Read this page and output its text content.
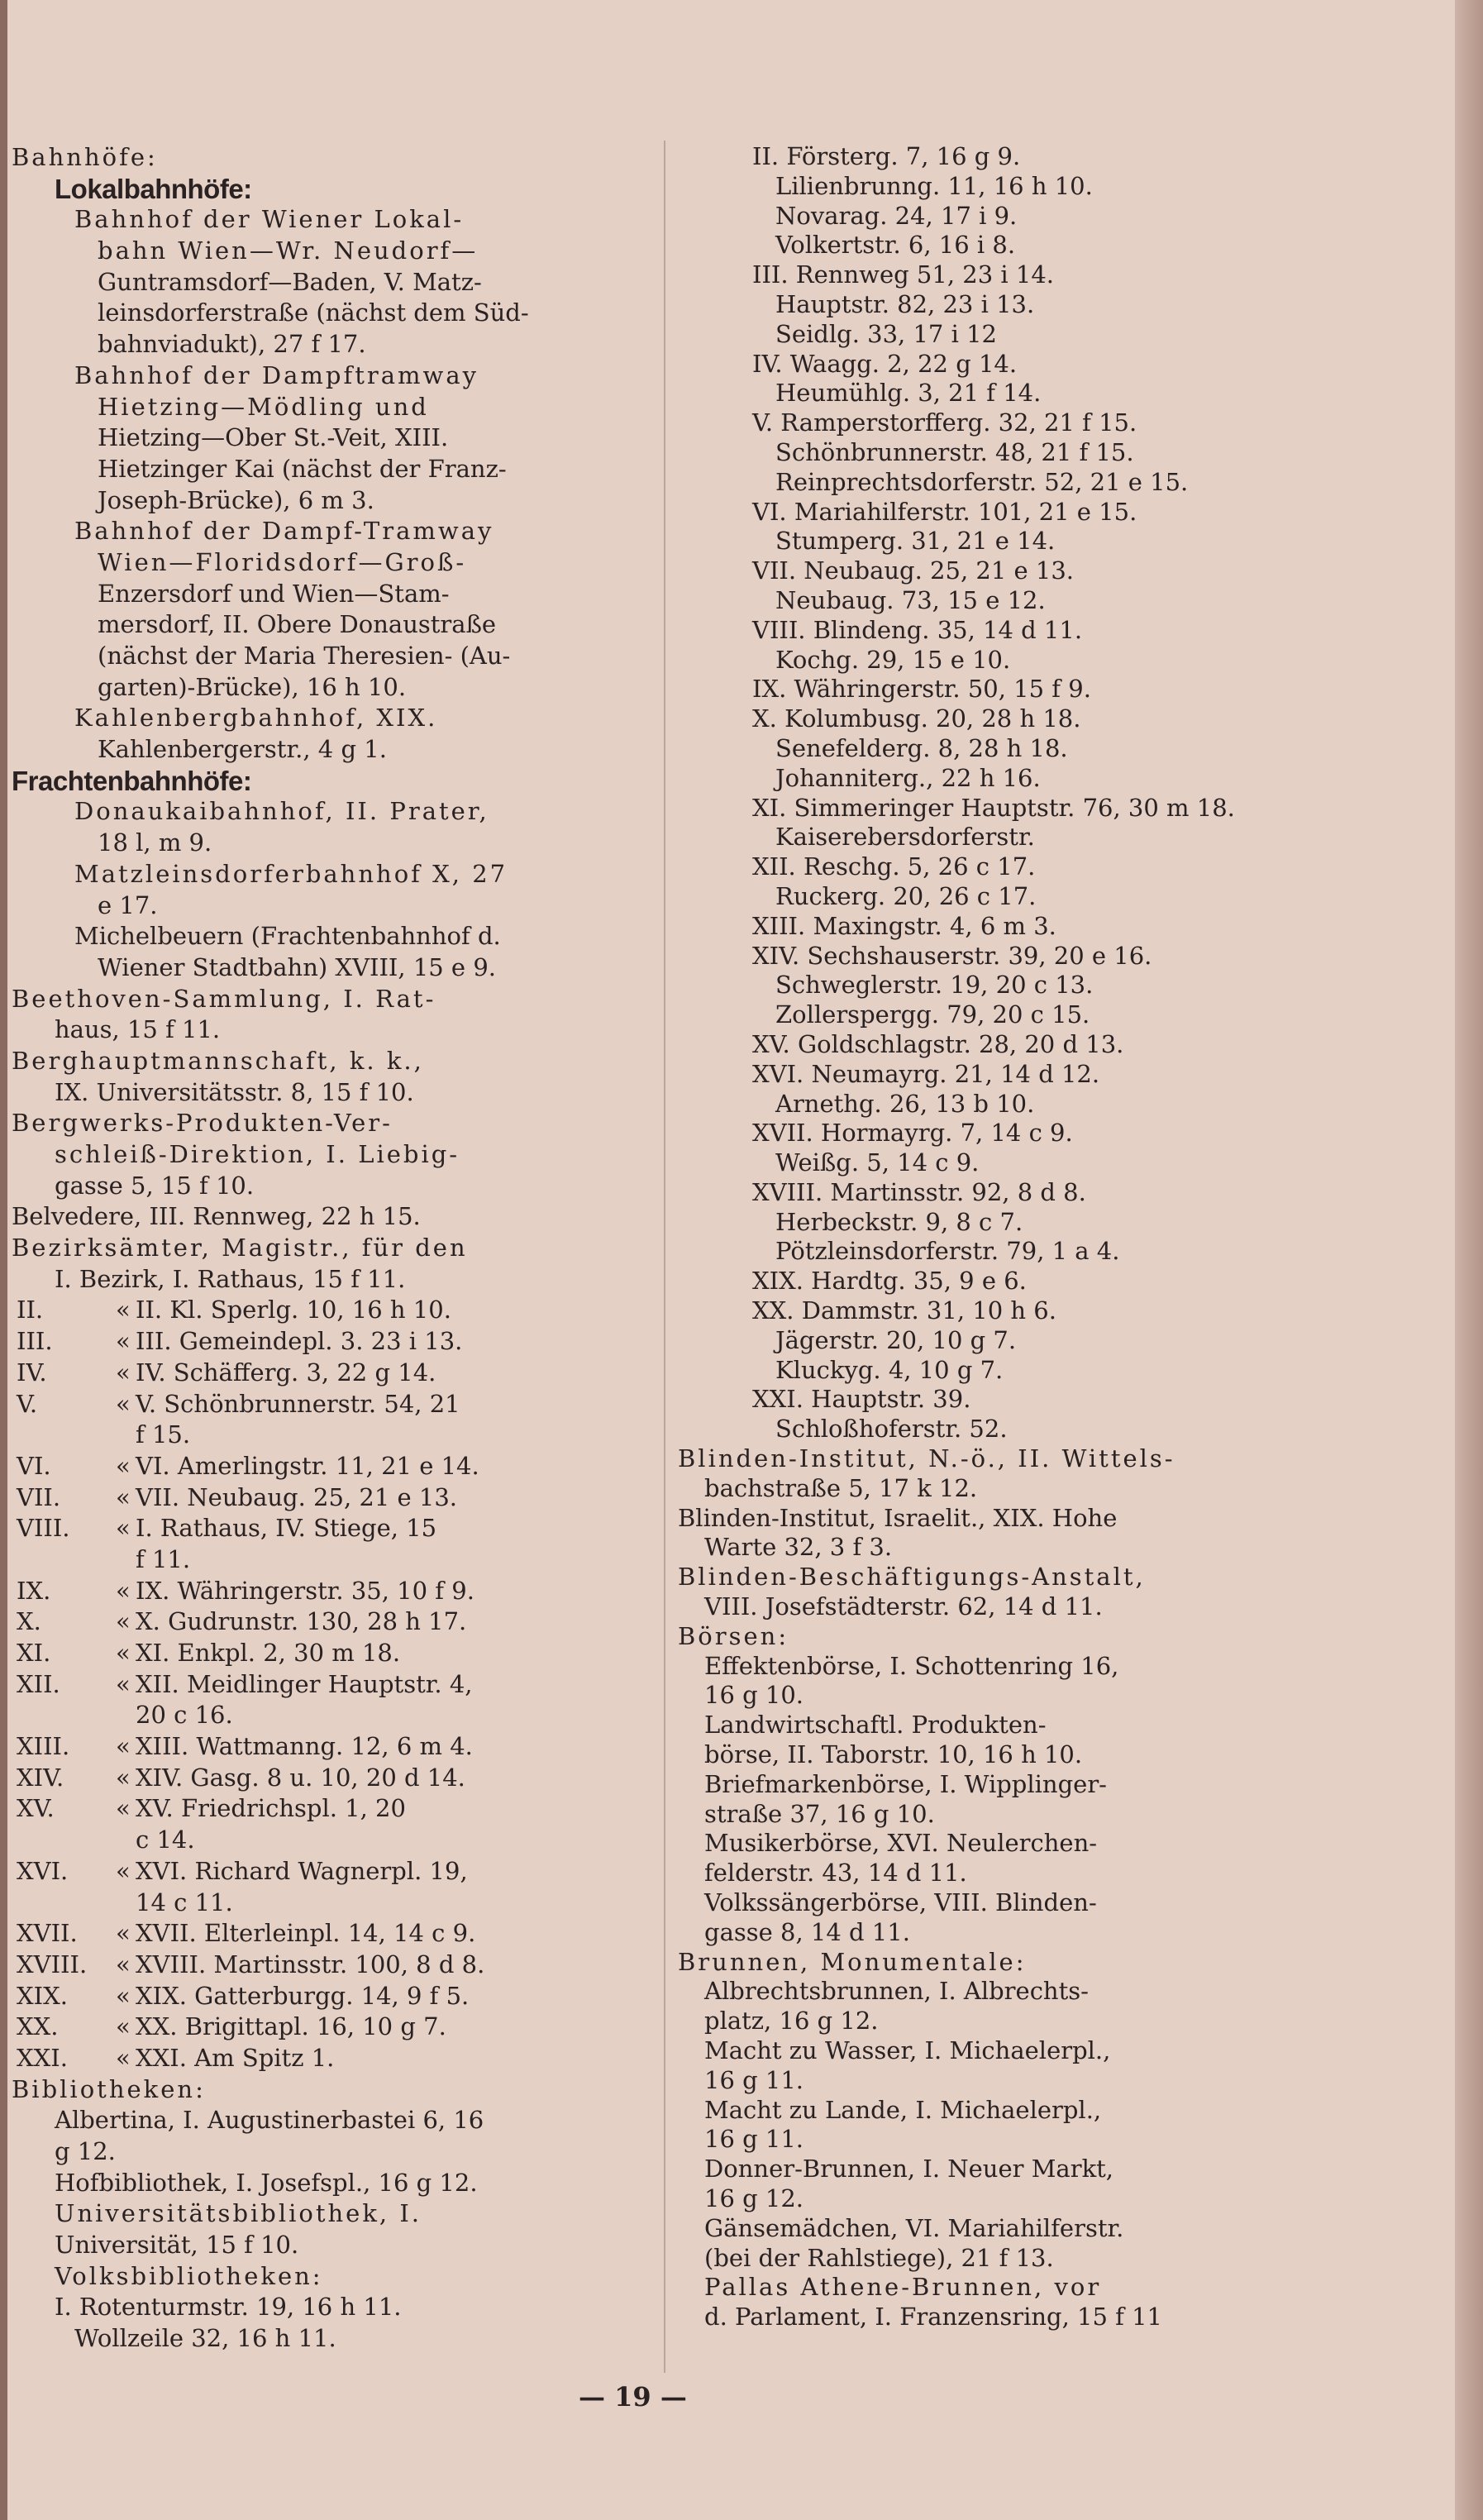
Bahnhöfe:
Lokalbahnhöfe:
Bahnhof der Wiener Lokal-
bahn Wien—Wr. Neudorf—
Guntramsdorf—Baden, V. Matz-
leinsdorferstraße (nächst dem Süd-
bahnviadukt), 27 f 17.
Bahnhof der Dampftramway
Hietzing—Mödling und
Hietzing—Ober St.-Veit, XIII.
Hietzinger Kai (nächst der Franz-
Joseph-Brücke), 6 m 3.
Bahnhof der Dampf-Tramway
Wien—Floridsdorf—Groß-
Enzersdorf und Wien—Stam-
mersdorf, II. Obere Donaustraße
(nächst der Maria Theresien- (Au-
garten)-Brücke), 16 h 10.
Kahlenbergbahnhof, XIX.
Kahlenbergerstr., 4 g 1.
Frachtenbahnhöfe:
Donaukaibahnhof, II. Prater,
18 l, m 9.
Matzleinsdorferbahnhof X, 27
e 17.
Michelbeuern (Frachtenbahnhof d.
Wiener Stadtbahn) XVIII, 15 e 9.
Beethoven-Sammlung, I. Rat-
haus, 15 f 11.
Berghauptmannschaft, k. k.,
IX. Universitätsstr. 8, 15 f 10.
Bergwerks-Produkten-Ver-
schleiß-Direktion, I. Liebig-
gasse 5, 15 f 10.
Belvedere, III. Rennweg, 22 h 15.
Bezirksämter, Magistr., für den
I. Bezirk, I. Rathaus, 15 f 11.
II.	« II. Kl. Sperlg. 10, 16 h 10.
III.	« III. Gemeindepl. 3. 23 i 13.
IV.	« IV. Schäfferg. 3, 22 g 14.
V.	« V. Schönbrunnerstr. 54, 21
f 15.
VI.	« VI. Amerlingstr. 11, 21 e 14.
VII. « VII. Neubaug. 25, 21 e 13.
VIII. « I. Rathaus, IV. Stiege, 15
f 11.
IX.	« IX. Währingerstr. 35, 10 f 9.
X.	« X. Gudrunstr. 130, 28 h 17.
XI.	« XI. Enkpl. 2, 30 m 18.
XII. « XII. Meidlinger Hauptstr. 4,
20 c 16.
XIII. « XIII. Wattmanng. 12, 6 m 4.
XIV. « XIV. Gasg. 8 u. 10, 20 d 14.
XV.	« XV. Friedrichspl. 1, 20
c 14.
XVI. « XVI. Richard Wagnerpl. 19,
14 c 11.
XVII. « XVII. Elterleinpl. 14, 14 c 9.
XVIII. « XVIII. Martinsstr. 100, 8 d 8.
XIX. « XIX. Gatterburgg. 14, 9 f 5.
XX. « XX. Brigittapl. 16, 10 g 7.
XXI. « XXI. Am Spitz 1.
Bibliotheken:
Albertina, I. Augustinerbastei 6, 16
g 12.
Hofbibliothek, I. Josefspl., 16 g 12.
Universitätsbibliothek, I.
Universität, 15 f 10.
Volksbibliotheken:
I. Rotenturmstr. 19, 16 h 11.
Wollzeile 32, 16 h 11.
II. Försterg. 7, 16 g 9.
Lilienbrunng. 11, 16 h 10.
Novarag. 24, 17 i 9.
Volkertstr. 6, 16 i 8.
III. Rennweg 51, 23 i 14.
Hauptstr. 82, 23 i 13.
Seidlg. 33, 17 i 12
IV. Waagg. 2, 22 g 14.
Heumühlg. 3, 21 f 14.
V. Ramperstorfferg. 32, 21 f 15.
Schönbrunnerstr. 48, 21 f 15.
Reinprechtsdorferstr. 52, 21 e 15.
VI. Mariahilferstr. 101, 21 e 15.
Stumperg. 31, 21 e 14.
VII. Neubaug. 25, 21 e 13.
Neubaug. 73, 15 e 12.
VIII. Blindeng. 35, 14 d 11.
Kochg. 29, 15 e 10.
IX. Währingerstr. 50, 15 f 9.
X. Kolumbusg. 20, 28 h 18.
Senefelderg. 8, 28 h 18.
Johanniterg., 22 h 16.
XI. Simmeringer Hauptstr. 76, 30 m 18.
Kaiserebersdorferstr.
XII. Reschg. 5, 26 c 17.
Ruckerg. 20, 26 c 17.
XIII. Maxingstr. 4, 6 m 3.
XIV. Sechshauserstr. 39, 20 e 16.
Schweglerstr. 19, 20 c 13.
Zollerspergg. 79, 20 c 15.
XV. Goldschlagstr. 28, 20 d 13.
XVI. Neumayrg. 21, 14 d 12.
Arnethg. 26, 13 b 10.
XVII. Hormayrg. 7, 14 c 9.
Weißg. 5, 14 c 9.
XVIII. Martinsstr. 92, 8 d 8.
Herbeckstr. 9, 8 c 7.
Pötzleinsdorferstr. 79, 1 a 4.
XIX. Hardtg. 35, 9 e 6.
XX. Dammstr. 31, 10 h 6.
Jägerstr. 20, 10 g 7.
Kluckyg. 4, 10 g 7.
XXI. Hauptstr. 39.
Schloßhoferstr. 52.
Blinden-Institut, N.-ö., II. Wittels-
bachstraße 5, 17 k 12.
Blinden-Institut, Israelit., XIX. Hohe
Warte 32, 3 f 3.
Blinden-Beschäftigungs-Anstalt,
VIII. Josefstädterstr. 62, 14 d 11.
Börsen:
Effektenbörse, I. Schottenring 16,
16 g 10.
Landwirtschaftl. Produkten-
börse, II. Taborstr. 10, 16 h 10.
Briefmarkenbörse, I. Wipplinger-
straße 37, 16 g 10.
Musikerbörse, XVI. Neulerchen-
felderstr. 43, 14 d 11.
Volkssängerbörse, VIII. Blinden-
gasse 8, 14 d 11.
Brunnen, Monumentale:
Albrechtsbrunnen, I. Albrechts-
platz, 16 g 12.
Macht zu Wasser, I. Michaelerpl.,
16 g 11.
Macht zu Lande, I. Michaelerpl.,
16 g 11.
Donner-Brunnen, I. Neuer Markt,
16 g 12.
Gänsemädchen, VI. Mariahilferstr.
(bei der Rahlstiege), 21 f 13.
Pallas Athene-Brunnen, vor
d. Parlament, I. Franzensring, 15 f 11
— 19 —
